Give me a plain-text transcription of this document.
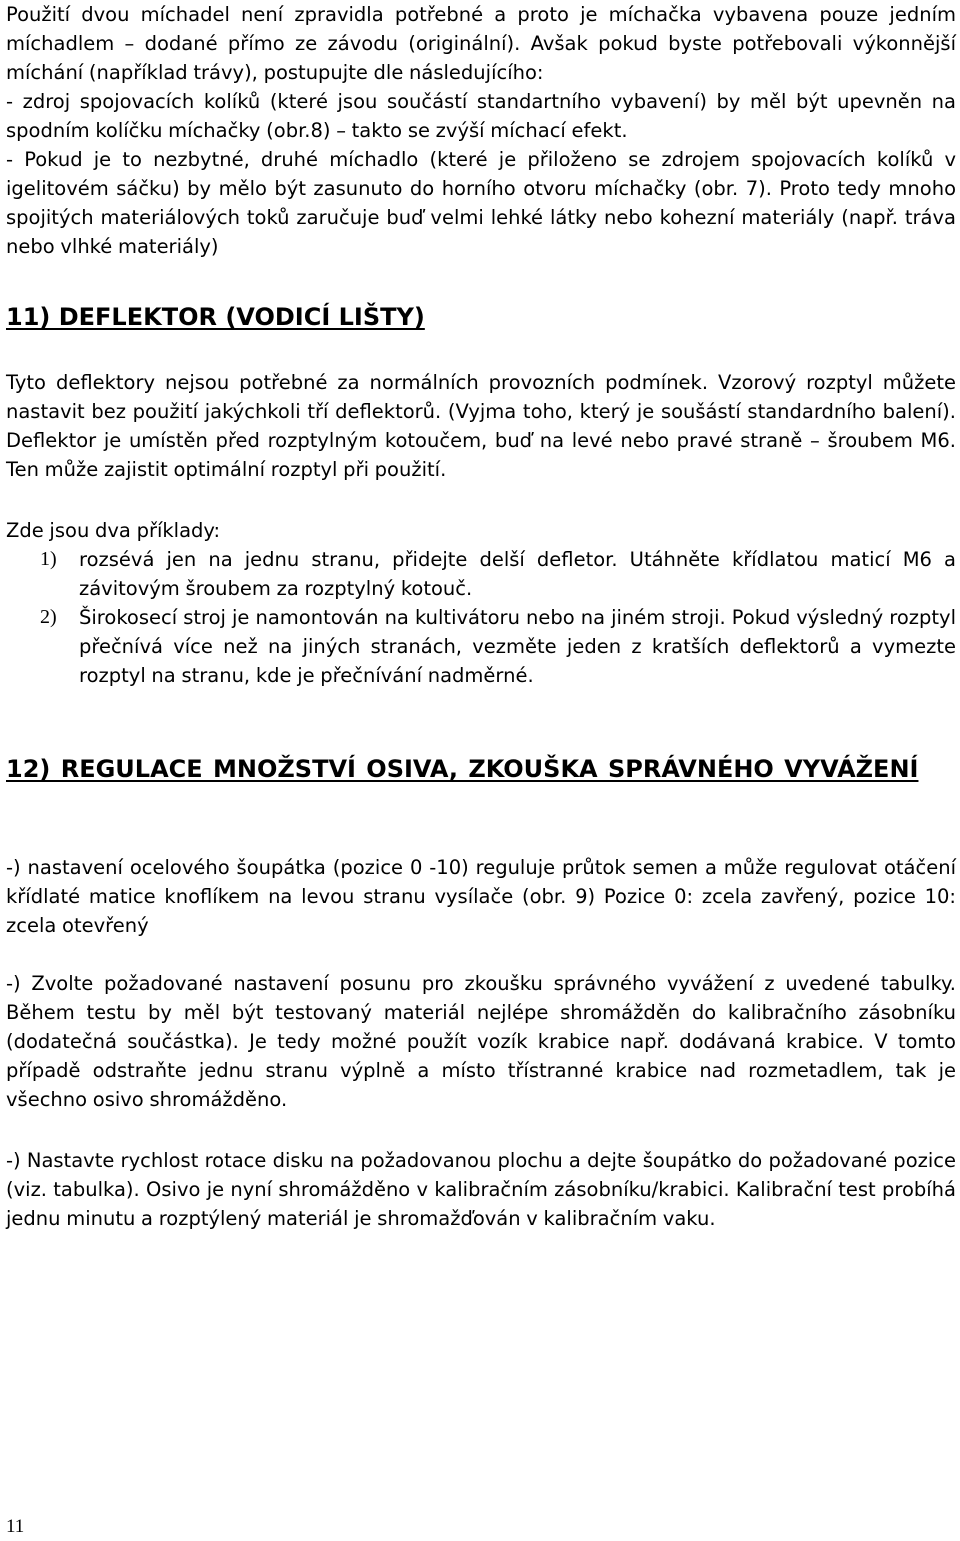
Použití dvou míchadel není zpravidla potřebné a proto je míchačka vybavena pouze jedním míchadlem – dodané přímo ze závodu (originální). Avšak pokud byste potřebovali výkonnější míchání (například trávy), postupujte dle následujícího:

- zdroj spojovacích kolíků (které jsou součástí standartního vybavení) by měl být upevněn na spodním kolíčku míchačky (obr.8) – takto se zvýší míchací efekt.

- Pokud je to nezbytné, druhé míchadlo (které je přiloženo se zdrojem spojovacích kolíků v igelitovém sáčku) by mělo být zasunuto do horního otvoru míchačky (obr. 7). Proto tedy mnoho spojitých materiálových toků zaručuje buď velmi lehké látky nebo kohezní materiály (např. tráva nebo vlhké materiály)

11) DEFLEKTOR (VODICÍ LIŠTY)

Tyto deflektory nejsou potřebné za normálních provozních podmínek. Vzorový rozptyl můžete nastavit bez použití jakýchkoli tří deflektorů. (Vyjma toho, který je soušástí standardního balení). Deflektor je umístěn před rozptylným kotoučem, buď na levé nebo pravé straně – šroubem M6. Ten může zajistit optimální rozptyl při použití.

Zde jsou dva příklady:

1) rozsévá jen na jednu stranu, přidejte delší defletor. Utáhněte křídlatou maticí M6 a závitovým šroubem za rozptylný kotouč.
2) Širokosecí stroj je namontován na kultivátoru nebo na jiném stroji. Pokud výsledný rozptyl přečnívá více než na jiných stranách, vezměte jeden z kratších deflektorů a vymezte rozptyl na stranu, kde je přečnívání nadměrné.
12) REGULACE MNOŽSTVÍ OSIVA, ZKOUŠKA SPRÁVNÉHO VYVÁŽENÍ

-) nastavení ocelového šoupátka (pozice 0 -10) reguluje průtok semen a může regulovat otáčení křídlaté matice knoflíkem na levou stranu vysílače (obr. 9) Pozice 0: zcela zavřený, pozice 10: zcela otevřený

-) Zvolte požadované nastavení posunu pro zkoušku správného vyvážení z uvedené tabulky. Během testu by měl být testovaný materiál nejlépe shromážděn do kalibračního zásobníku (dodatečná součástka). Je tedy možné použít vozík krabice např. dodávaná krabice. V tomto případě odstraňte jednu stranu výplně a místo třístranné krabice nad rozmetadlem, tak je všechno osivo shromážděno.

-) Nastavte rychlost rotace disku na požadovanou plochu a dejte šoupátko do požadované pozice (viz. tabulka). Osivo je nyní shromážděno v kalibračním zásobníku/krabici. Kalibrační test probíhá jednu minutu a rozptýlený materiál je shromažďován v kalibračním vaku.

11
